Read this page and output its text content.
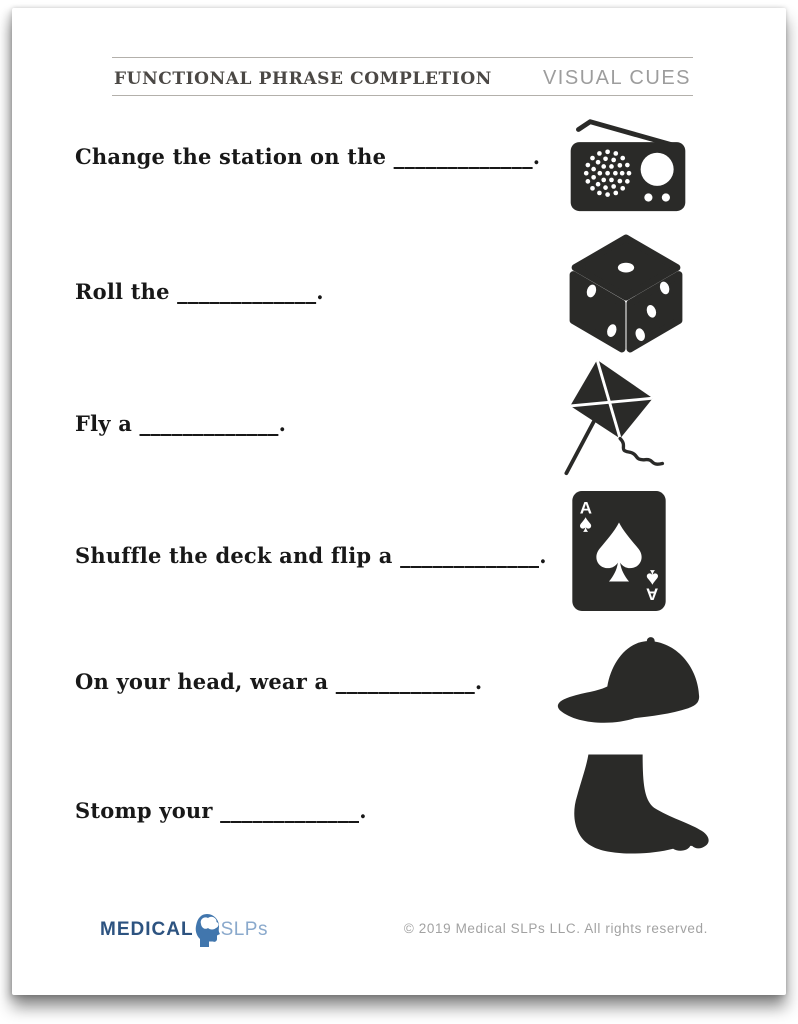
FUNCTIONAL PHRASE COMPLETION	VISUAL CUES
Change the station on the _____________.
Roll the _____________.
Fly a _____________.
Shuffle the deck and flip a _____________.
On your head, wear a _____________.
Stomp your _____________.
A
A
MEDICAL SLPs	© 2019 Medical SLPs LLC. All rights reserved.
